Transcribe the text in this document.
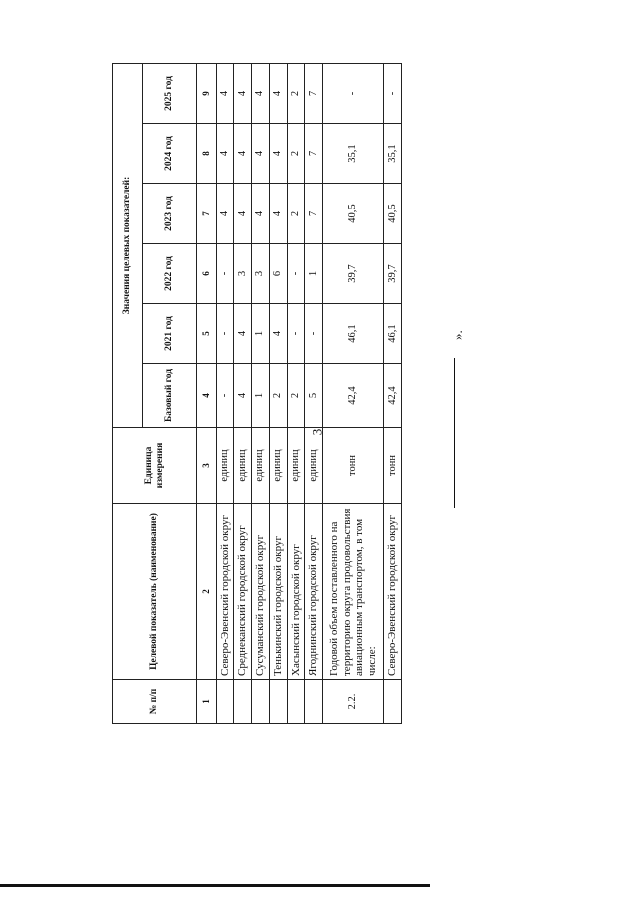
3
».
№ п/п	Целевой показатель (наименование)	Единица измерения	Значения целевых показателей:					
			Базовый год	2021 год	2022 год	2023 год	2024 год	2025 год
1	2	3	4	5	6	7	8	9
	Северо-Эвенский городской округ	единиц	-	-	-	4	4	4
	Среднеканский городской округ	единиц	4	4	3	4	4	4
	Сусуманский городской округ	единиц	1	1	3	4	4	4
	Тенькинский городской округ	единиц	2	4	6	4	4	4
	Хасынский городской округ	единиц	2	-	-	2	2	2
	Ягоднинский городской округ	единиц	5	-	1	7	7	7
2.2.	Годовой объем поставленного на территорию округа продовольствия авиационным транспортом, в том числе:	тонн	42,4	46,1	39,7	40,5	35,1	-
	Северо-Эвенский городской округ	тонн	42,4	46,1	39,7	40,5	35,1	-
